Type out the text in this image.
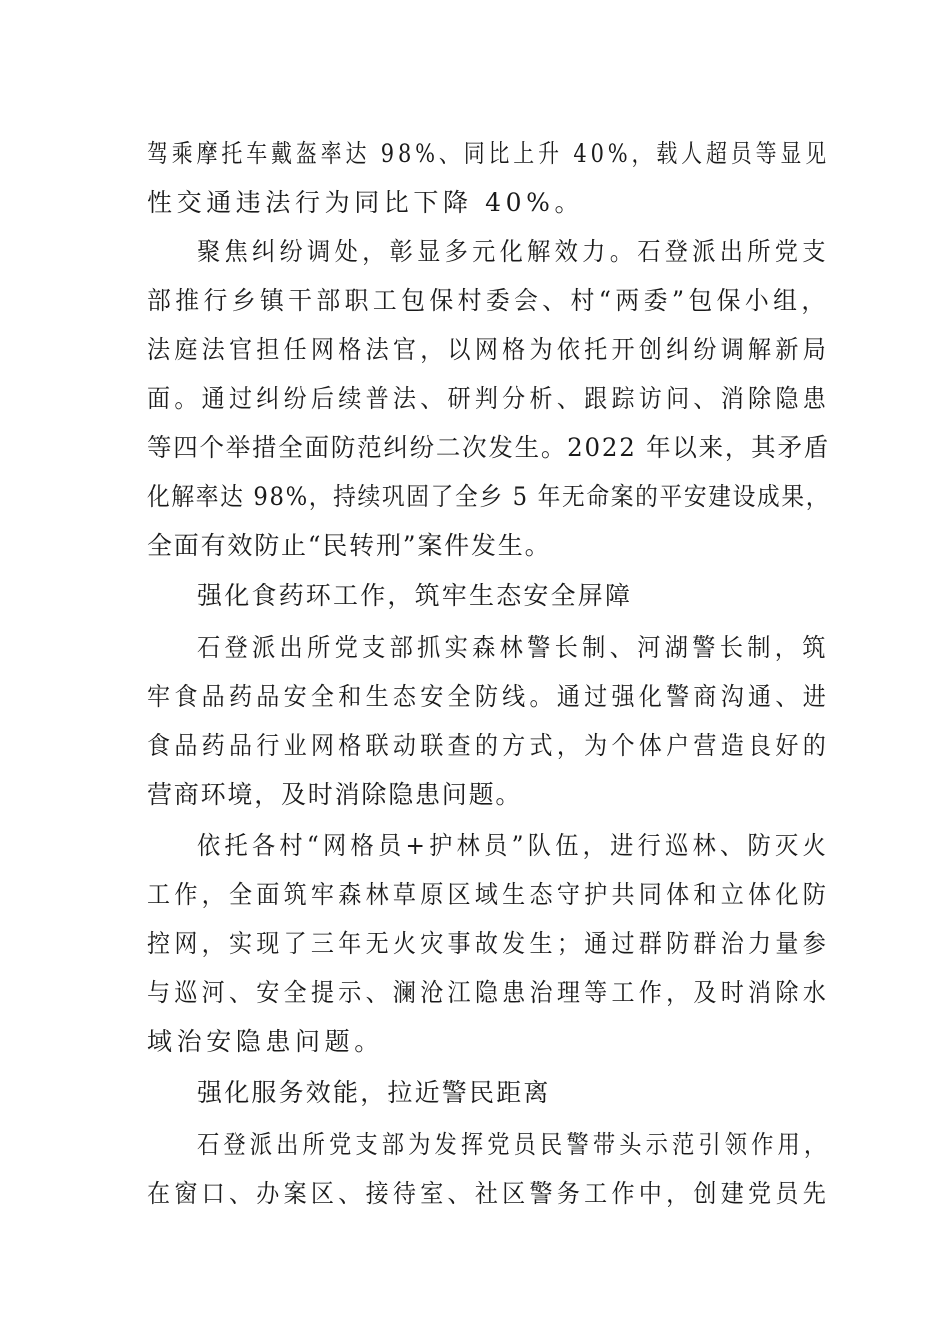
驾乘摩托车戴盔率达 98%、同比上升 40%，载人超员等显见
性交通违法行为同比下降 40%。
聚焦纠纷调处，彰显多元化解效力。石登派出所党支
部推行乡镇干部职工包保村委会、村“两委”包保小组，
法庭法官担任网格法官，以网格为依托开创纠纷调解新局
面。通过纠纷后续普法、研判分析、跟踪访问、消除隐患
等四个举措全面防范纠纷二次发生。2022 年以来，其矛盾
化解率达 98%，持续巩固了全乡 5 年无命案的平安建设成果，
全面有效防止“民转刑”案件发生。
强化食药环工作，筑牢生态安全屏障
石登派出所党支部抓实森林警长制、河湖警长制，筑
牢食品药品安全和生态安全防线。通过强化警商沟通、进
食品药品行业网格联动联查的方式，为个体户营造良好的
营商环境，及时消除隐患问题。
依托各村“网格员+护林员”队伍，进行巡林、防灭火
工作，全面筑牢森林草原区域生态守护共同体和立体化防
控网，实现了三年无火灾事故发生；通过群防群治力量参
与巡河、安全提示、澜沧江隐患治理等工作，及时消除水
域治安隐患问题。
强化服务效能，拉近警民距离
石登派出所党支部为发挥党员民警带头示范引领作用，
在窗口、办案区、接待室、社区警务工作中，创建党员先
